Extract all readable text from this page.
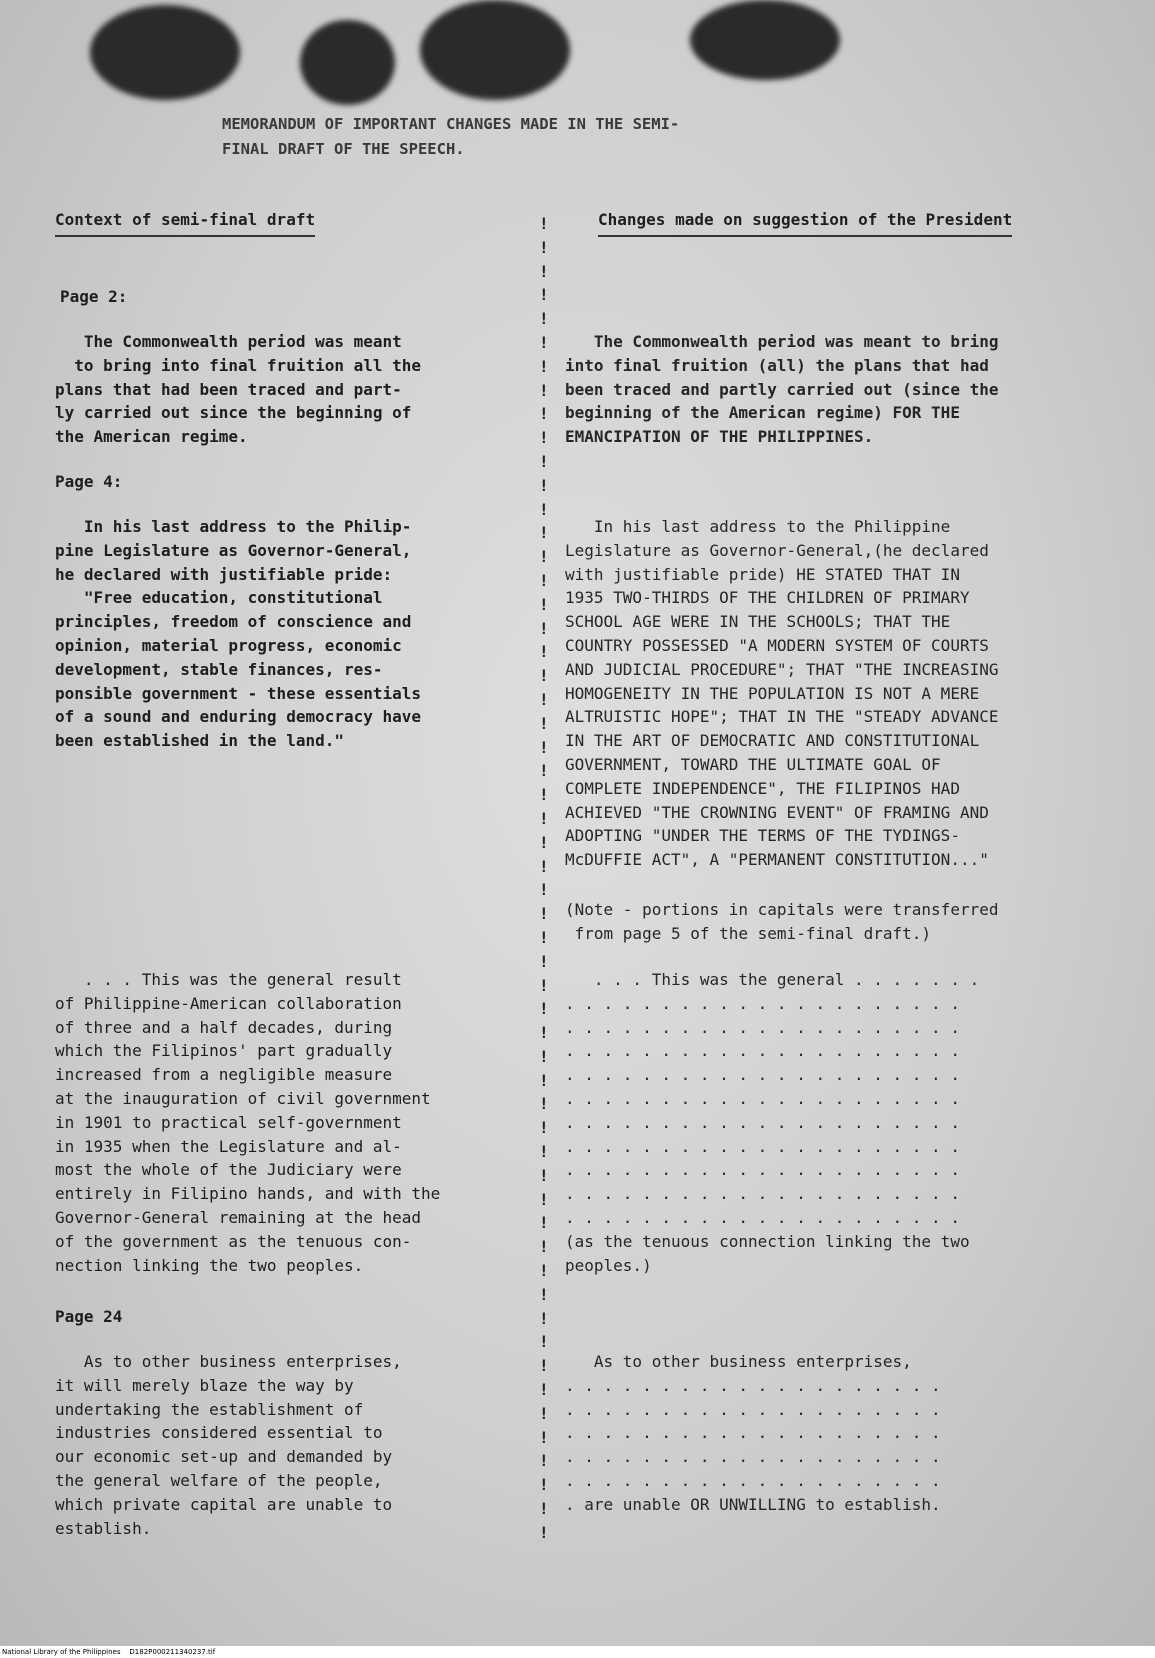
MEMORANDUM OF IMPORTANT CHANGES MADE IN THE SEMI-
FINAL DRAFT OF THE SPEECH.
Context of semi-final draft	Changes made on suggestion of the President
!
!
!
!
!
!
!
!
!
!
!
!
!
!
!
!
!
!
!
!
!
!
!
!
!
!
!
!
!
!
!
!
!
!
!
!
!
!
!
!
!
!
!
!
!
!
!
!
!
!
!
!
!
!
!
!
Page 2:
The Commonwealth period was meant
to bring into final fruition all the
plans that had been traced and part-
ly carried out since the beginning of
the American regime.
The Commonwealth period was meant to bring
into final fruition (all) the plans that had
been traced and partly carried out (since the
beginning of the American regime) FOR THE
EMANCIPATION OF THE PHILIPPINES.
Page 4:
In his last address to the Philip-
pine Legislature as Governor-General,
he declared with justifiable pride:
"Free education, constitutional
principles, freedom of conscience and
opinion, material progress, economic
development, stable finances, res-
ponsible government - these essentials
of a sound and enduring democracy have
been established in the land."
In his last address to the Philippine
Legislature as Governor-General,(he declared
with justifiable pride) HE STATED THAT IN
1935 TWO-THIRDS OF THE CHILDREN OF PRIMARY
SCHOOL AGE WERE IN THE SCHOOLS; THAT THE
COUNTRY POSSESSED "A MODERN SYSTEM OF COURTS
AND JUDICIAL PROCEDURE"; THAT "THE INCREASING
HOMOGENEITY IN THE POPULATION IS NOT A MERE
ALTRUISTIC HOPE"; THAT IN THE "STEADY ADVANCE
IN THE ART OF DEMOCRATIC AND CONSTITUTIONAL
GOVERNMENT, TOWARD THE ULTIMATE GOAL OF
COMPLETE INDEPENDENCE", THE FILIPINOS HAD
ACHIEVED "THE CROWNING EVENT" OF FRAMING AND
ADOPTING "UNDER THE TERMS OF THE TYDINGS-
McDUFFIE ACT", A "PERMANENT CONSTITUTION..."
(Note - portions in capitals were transferred
from page 5 of the semi-final draft.)
. . . This was the general result
of Philippine-American collaboration
of three and a half decades, during
which the Filipinos' part gradually
increased from a negligible measure
at the inauguration of civil government
in 1901 to practical self-government
in 1935 when the Legislature and al-
most the whole of the Judiciary were
entirely in Filipino hands, and with the
Governor-General remaining at the head
of the government as the tenuous con-
nection linking the two peoples.
. . . This was the general . . . . . . .
. . . . . . . . . . . . . . . . . . . . .
. . . . . . . . . . . . . . . . . . . . .
. . . . . . . . . . . . . . . . . . . . .
. . . . . . . . . . . . . . . . . . . . .
. . . . . . . . . . . . . . . . . . . . .
. . . . . . . . . . . . . . . . . . . . .
. . . . . . . . . . . . . . . . . . . . .
. . . . . . . . . . . . . . . . . . . . .
. . . . . . . . . . . . . . . . . . . . .
. . . . . . . . . . . . . . . . . . . . .
(as the tenuous connection linking the two
peoples.)
Page 24
As to other business enterprises,
it will merely blaze the way by
undertaking the establishment of
industries considered essential to
our economic set-up and demanded by
the general welfare of the people,
which private capital are unable to
establish.
As to other business enterprises,
. . . . . . . . . . . . . . . . . . . .
. . . . . . . . . . . . . . . . . . . .
. . . . . . . . . . . . . . . . . . . .
. . . . . . . . . . . . . . . . . . . .
. . . . . . . . . . . . . . . . . . . .
. are unable OR UNWILLING to establish.
National Library of the Philippines    D182P000211340237.tif
